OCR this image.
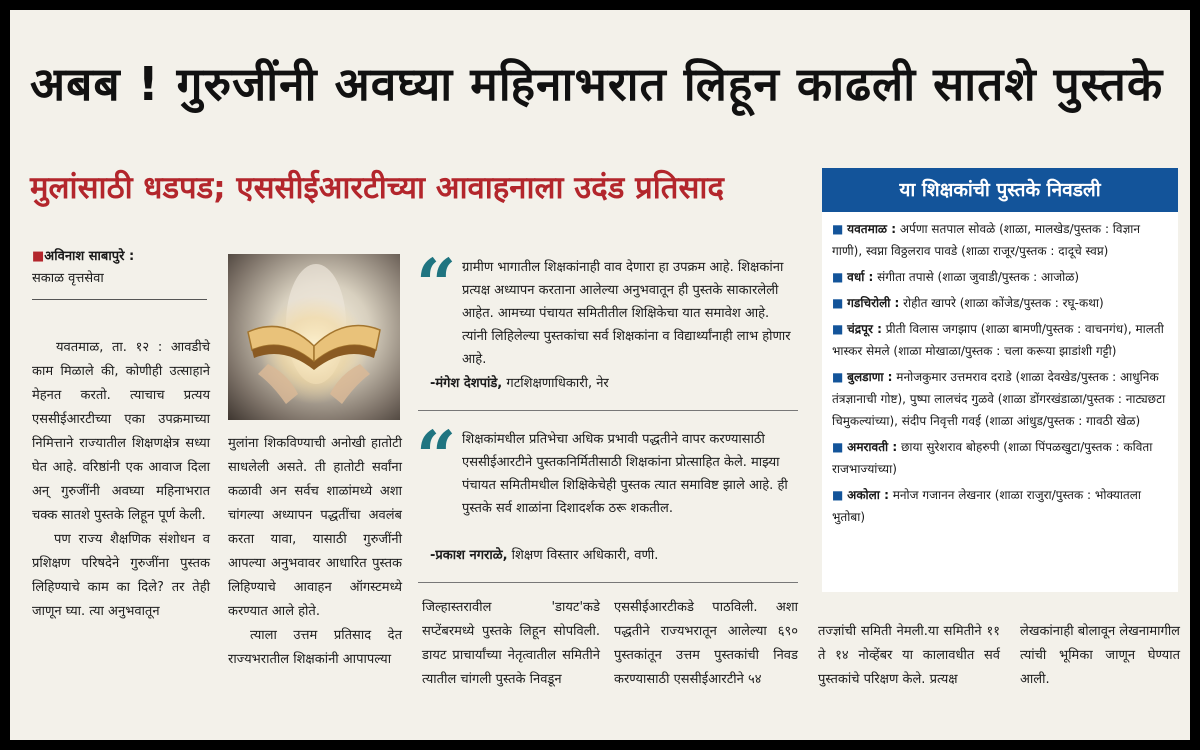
अबब ! गुरुजींनी अवघ्या महिनाभरात लिहून काढली सातशे पुस्तके
मुलांसाठी धडपड; एससीईआरटीच्या आवाहनाला उदंड प्रतिसाद
■अविनाश साबापुरे :
सकाळ वृत्तसेवा

यवतमाळ, ता. १२ : आवडीचे काम मिळाले की, कोणीही उत्साहाने मेहनत करतो. त्याचाच प्रत्यय एससीईआरटीच्या एका उपक्रमाच्या निमित्ताने राज्यातील शिक्षणक्षेत्र सध्या घेत आहे. वरिष्ठांनी एक आवाज दिला अन्‌ गुरुजींनी अवघ्या महिनाभरात चक्क सातशे पुस्तके लिहून पूर्ण केली.

पण राज्य शैक्षणिक संशोधन व प्रशिक्षण परिषदेने गुरुजींना पुस्तक लिहिण्याचे काम का दिले? तर तेही जाणून घ्या. त्या अनुभवातून

मुलांना शिकविण्याची अनोखी हातोटी साधलेली असते. ती हातोटी सर्वांना कळावी अन सर्वच शाळांमध्ये अशा चांगल्या अध्यापन पद्धतींचा अवलंब करता यावा, यासाठी गुरुजींनी आपल्या अनुभवावर आधारित पुस्तक लिहिण्याचे आवाहन ऑगस्टमध्ये करण्यात आले होते.

त्याला उत्तम प्रतिसाद देत राज्यभरातील शिक्षकांनी आपापल्या

“ ग्रामीण भागातील शिक्षकांनाही वाव देणारा हा उपक्रम आहे. शिक्षकांना प्रत्यक्ष अध्यापन करताना आलेल्या अनुभवातून ही पुस्तके साकारलेली आहेत. आमच्या पंचायत समितीतील शिक्षिकेचा यात समावेश आहे. त्यांनी लिहिलेल्या पुस्तकांचा सर्व शिक्षकांना व विद्यार्थ्यांनाही लाभ होणार आहे.
-मंगेश देशपांडे, गटशिक्षणाधिकारी, नेर
“ शिक्षकांमधील प्रतिभेचा अधिक प्रभावी पद्धतीने वापर करण्यासाठी एससीईआरटीने पुस्तकनिर्मितीसाठी शिक्षकांना प्रोत्साहित केले. माझ्या पंचायत समितीमधील शिक्षिकेचेही पुस्तक त्यात समाविष्ट झाले आहे. ही पुस्तके सर्व शाळांना दिशादर्शक ठरू शकतील.
-प्रकाश नगराळे, शिक्षण विस्तार अधिकारी, वणी.

जिल्हास्तरावील 'डायट'कडे सप्टेंबरमध्ये पुस्तके लिहून सोपविली. डायट प्राचार्यांच्या नेतृत्वातील समितीने त्यातील चांगली पुस्तके निवडून

एससीईआरटीकडे पाठविली. अशा पद्धतीने राज्यभरातून आलेल्या ६९० पुस्तकांतून उत्तम पुस्तकांची निवड करण्यासाठी एससीईआरटीने ५४

तज्ज्ञांची समिती नेमली.या समितीने ११ ते १४ नोव्हेंबर या कालावधीत सर्व पुस्तकांचे परिक्षण केले. प्रत्यक्ष

लेखकांनाही बोलावून लेखनामागील त्यांची भूमिका जाणून घेण्यात आली.

या शिक्षकांची पुस्तके निवडली
■ यवतमाळ : अर्पणा सतपाल सोवळे (शाळा, मालखेड/पुस्तक : विज्ञान गाणी), स्वप्ना विठ्ठलराव पावडे (शाळा राजूर/पुस्तक : दादूचे स्वप्न)
■ वर्धा : संगीता तपासे (शाळा जुवाडी/पुस्तक : आजोळ)
■ गडचिरोली : रोहीत खापरे (शाळा कोंजेड/पुस्तक : रघू-कथा)
■ चंद्रपूर : प्रीती विलास जगझाप (शाळा बामणी/पुस्तक : वाचनगंध), मालती भास्कर सेमले (शाळा मोखाळा/पुस्तक : चला करूया झाडांशी गट्टी)
■ बुलडाणा : मनोजकुमार उत्तमराव दराडे (शाळा देवखेड/पुस्तक : आधुनिक तंत्रज्ञानाची गोष्ट), पुष्पा लालचंद गुळवे (शाळा डोंगरखंडाळा/पुस्तक : नाट्यछटा चिमुकल्यांच्या), संदीप निवृत्ती गवई (शाळा आंधुड/पुस्तक : गावठी खेळ)
■ अमरावती : छाया सुरेशराव बोहरुपी (शाळा पिंपळखुटा/पुस्तक : कविता राजभाज्यांच्या)
■ अकोला : मनोज गजानन लेखनार (शाळा राजुरा/पुस्तक : भोक्यातला भुतोबा)
